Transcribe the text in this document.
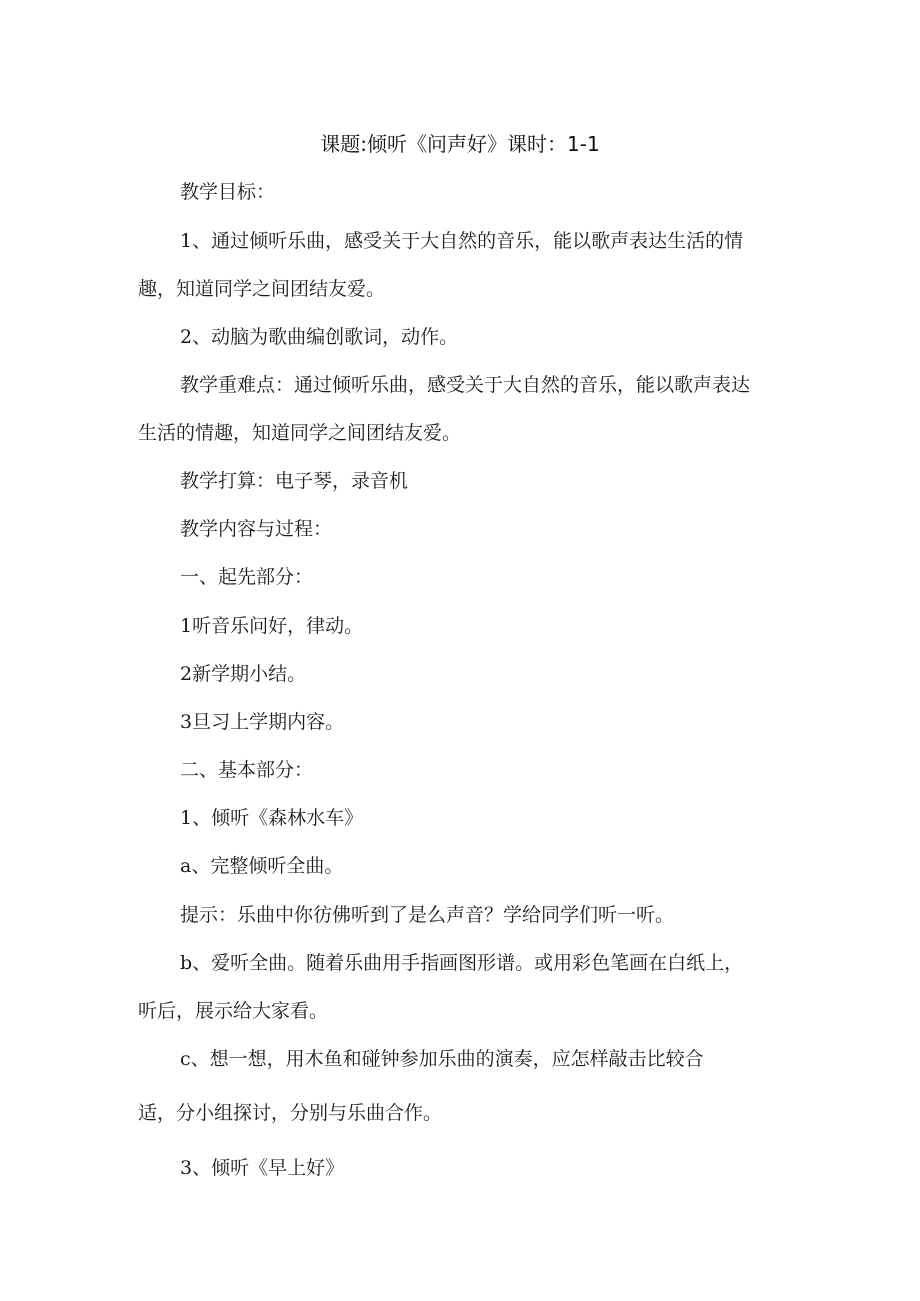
课题:倾听《问声好》课时：1-1
教学目标：
1、通过倾听乐曲，感受关于大自然的音乐，能以歌声表达生活的情
趣，知道同学之间团结友爱。
2、动脑为歌曲编创歌词，动作。
教学重难点：通过倾听乐曲，感受关于大自然的音乐，能以歌声表达
生活的情趣，知道同学之间团结友爱。
教学打算：电子琴，录音机
教学内容与过程：
一、起先部分：
1听音乐问好，律动。
2新学期小结。
3旦习上学期内容。
二、基本部分：
1、倾听《森林水车》
a、完整倾听全曲。
提示：乐曲中你彷佛听到了是么声音？学给同学们听一听。
b、爱听全曲。随着乐曲用手指画图形谱。或用彩色笔画在白纸上，
听后，展示给大家看。
c、想一想，用木鱼和碰钟参加乐曲的演奏，应怎样敲击比较合
适，分小组探讨，分别与乐曲合作。
3、倾听《早上好》
